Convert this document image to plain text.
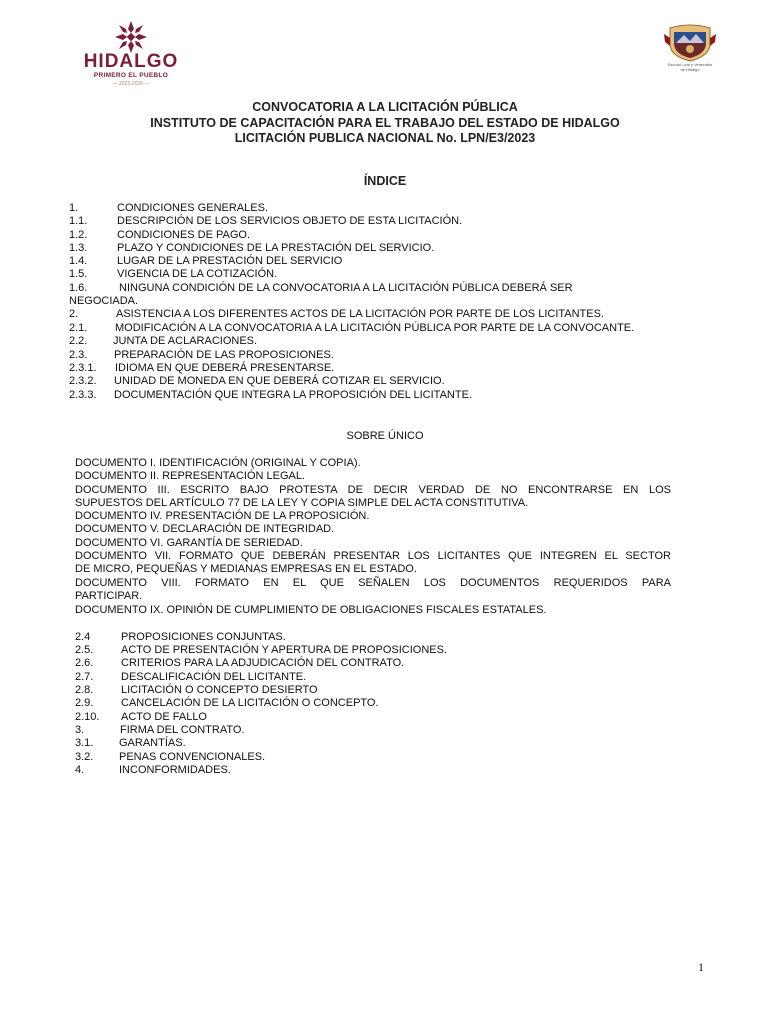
HIDALGO
PRIMERO EL PUEBLO
— 2022-2028 —
Escudo Leal y Venerable
de Hidalgo
CONVOCATORIA A LA LICITACIÓN PÚBLICA
INSTITUTO DE CAPACITACIÓN PARA EL TRABAJO DEL ESTADO DE HIDALGO
LICITACIÓN PUBLICA NACIONAL No. LPN/E3/2023
ÍNDICE
1.	CONDICIONES GENERALES.
1.1.	DESCRIPCIÓN DE LOS SERVICIOS OBJETO DE ESTA LICITACIÓN.
1.2.	CONDICIONES DE PAGO.
1.3.	PLAZO Y CONDICIONES DE LA PRESTACIÓN DEL SERVICIO.
1.4.	LUGAR DE LA PRESTACIÓN DEL SERVICIO
1.5.	VIGENCIA DE LA COTIZACIÓN.
1.6.	NINGUNA CONDICIÓN DE LA CONVOCATORIA A LA LICITACIÓN PÚBLICA DEBERÁ SER
NEGOCIADA.
2.	ASISTENCIA A LOS DIFERENTES ACTOS DE LA LICITACIÓN POR PARTE DE LOS LICITANTES.
2.1.	MODIFICACIÓN A LA CONVOCATORIA A LA LICITACIÓN PÚBLICA POR PARTE DE LA CONVOCANTE.
2.2. JUNTA DE ACLARACIONES.
2.3. PREPARACIÓN DE LAS PROPOSICIONES.
2.3.1. IDIOMA EN QUE DEBERÁ PRESENTARSE.
2.3.2. UNIDAD DE MONEDA EN QUE DEBERÁ COTIZAR EL SERVICIO.
2.3.3. DOCUMENTACIÓN QUE INTEGRA LA PROPOSICIÓN DEL LICITANTE.
SOBRE ÚNICO
DOCUMENTO I. IDENTIFICACIÓN (ORIGINAL Y COPIA).
DOCUMENTO II. REPRESENTACIÓN LEGAL.
DOCUMENTO III. ESCRITO BAJO PROTESTA DE DECIR VERDAD DE NO ENCONTRARSE EN LOS
SUPUESTOS DEL ARTÍCULO 77 DE LA LEY Y COPIA SIMPLE DEL ACTA CONSTITUTIVA.
DOCUMENTO IV. PRESENTACIÓN DE LA PROPOSICIÓN.
DOCUMENTO V. DECLARACIÓN DE INTEGRIDAD.
DOCUMENTO VI. GARANTÍA DE SERIEDAD.
DOCUMENTO VII. FORMATO QUE DEBERÁN PRESENTAR LOS LICITANTES QUE INTEGREN EL SECTOR
DE MICRO, PEQUEÑAS Y MEDIANAS EMPRESAS EN EL ESTADO.
DOCUMENTO VIII. FORMATO EN EL QUE SEÑALEN LOS DOCUMENTOS REQUERIDOS PARA
PARTICIPAR.
DOCUMENTO IX. OPINIÓN DE CUMPLIMIENTO DE OBLIGACIONES FISCALES ESTATALES.
2.4	PROPOSICIONES CONJUNTAS.
2.5.	ACTO DE PRESENTACIÓN Y APERTURA DE PROPOSICIONES.
2.6.	CRITERIOS PARA LA ADJUDICACIÓN DEL CONTRATO.
2.7.	DESCALIFICACIÓN DEL LICITANTE.
2.8.	LICITACIÓN O CONCEPTO DESIERTO
2.9.	CANCELACIÓN DE LA LICITACIÓN O CONCEPTO.
2.10. ACTO DE FALLO
3.	FIRMA DEL CONTRATO.
3.1. GARANTÍAS.
3.2. PENAS CONVENCIONALES.
4.	INCONFORMIDADES.
1
